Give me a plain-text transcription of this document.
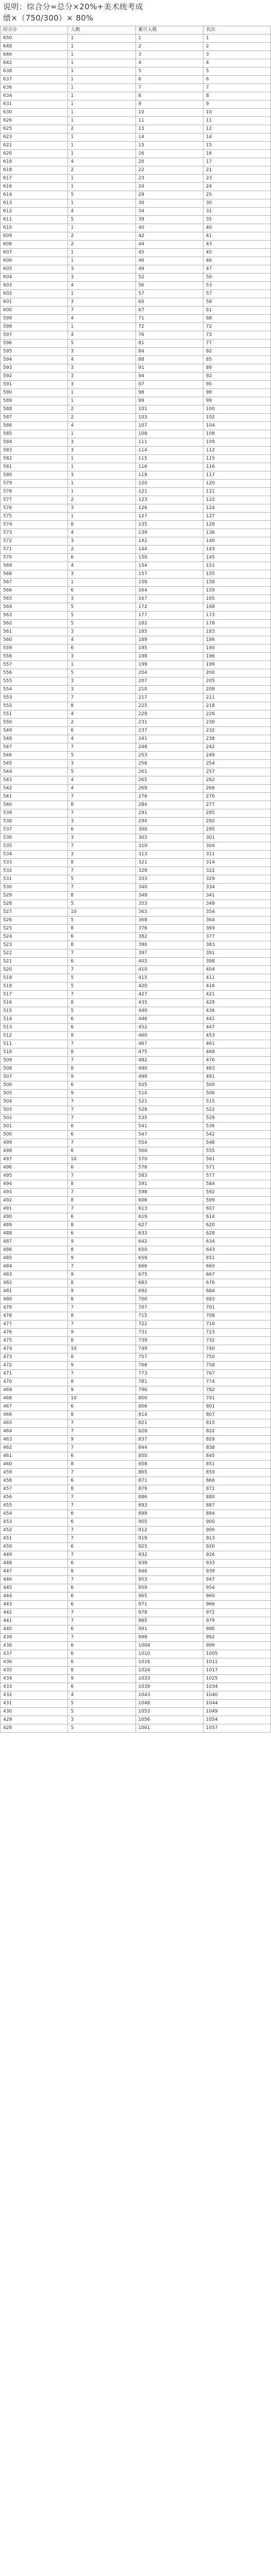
说明：综合分=总分×20%+美术统考成
绩×（750/300）× 80%
综合分	人数	累计人数	名次
650	1	1	1
648	1	2	2
646	1	3	3
642	1	4	4
638	1	5	5
637	1	6	6
636	1	7	7
634	1	8	8
631	1	9	9
630	1	10	10
626	1	11	11
625	2	13	12
623	1	14	14
621	1	15	15
620	1	16	16
619	4	20	17
618	2	22	21
617	1	23	23
616	1	24	24
614	5	29	25
613	1	30	30
612	4	34	31
611	5	39	35
610	1	40	40
609	2	42	41
608	2	44	43
607	1	45	45
606	1	46	46
605	3	49	47
604	3	52	50
603	4	56	53
602	1	57	57
601	3	60	58
600	7	67	61
599	4	71	68
598	1	72	72
597	4	76	73
596	5	81	77
595	3	84	82
594	4	88	85
593	3	91	89
592	3	94	92
591	3	97	95
590	1	98	98
589	1	99	99
588	2	101	100
587	2	103	102
586	4	107	104
585	1	108	108
584	3	111	109
583	3	114	112
582	1	115	115
581	1	116	116
580	3	119	117
579	1	120	120
578	1	121	121
577	2	123	122
576	3	126	124
575	1	127	127
574	8	135	128
573	4	139	136
572	3	142	140
571	2	144	143
570	6	150	145
569	4	154	151
568	3	157	155
567	1	158	158
566	6	164	159
565	3	167	165
564	5	172	168
563	5	177	173
562	5	182	178
561	3	185	183
560	4	189	186
559	6	195	190
558	3	198	196
557	1	199	199
556	5	204	200
555	3	207	205
554	3	210	208
553	7	217	211
552	8	225	218
551	4	229	226
550	2	231	230
549	6	237	232
548	4	241	238
547	7	248	242
546	5	253	249
545	3	256	254
544	5	261	257
543	4	265	262
542	4	269	266
541	7	276	270
540	8	284	277
539	7	291	285
538	3	294	292
537	6	300	295
536	3	303	301
535	7	310	304
534	3	313	311
533	8	321	314
532	7	328	322
531	5	333	329
530	7	340	334
529	8	348	341
528	5	353	349
527	10	363	354
526	5	368	364
525	8	376	369
524	6	382	377
523	8	390	383
522	7	397	391
521	6	403	398
520	7	410	404
519	5	415	411
518	5	420	416
517	7	427	421
516	8	435	428
515	5	440	436
514	6	446	441
513	6	452	447
512	8	460	453
511	7	467	461
510	8	475	468
509	7	482	476
508	8	490	483
507	9	499	491
506	6	505	500
505	9	514	506
504	7	521	515
503	7	528	522
502	7	535	529
501	6	541	536
500	6	547	542
499	7	554	548
498	6	560	555
497	10	570	561
496	6	576	571
495	7	583	577
494	8	591	584
493	7	598	592
492	8	606	599
491	7	613	607
490	6	619	614
489	8	627	620
488	6	633	628
487	9	642	634
486	8	650	643
485	9	659	651
484	7	666	660
483	9	675	667
482	8	683	676
481	9	692	684
480	8	700	693
479	7	707	701
478	8	715	708
477	7	722	716
476	9	731	723
475	8	739	732
474	10	749	740
473	8	757	750
472	9	766	758
471	7	773	767
470	8	781	774
469	9	790	782
468	10	800	791
467	6	806	801
466	8	814	807
465	7	821	815
464	7	828	822
463	9	837	829
462	7	844	838
461	6	850	845
460	8	858	851
459	7	865	859
458	6	871	866
457	8	879	872
456	7	886	880
455	7	893	887
454	6	899	894
453	6	905	900
452	7	912	906
451	7	919	913
450	6	925	920
449	7	932	926
448	6	938	933
447	8	946	939
446	7	953	947
445	6	959	954
444	6	965	960
443	6	971	966
442	7	978	972
441	7	985	979
440	6	991	986
439	7	998	992
438	6	1004	999
437	6	1010	1005
436	6	1016	1011
435	8	1024	1017
434	9	1033	1025
433	6	1039	1034
432	4	1043	1040
431	5	1048	1044
430	5	1053	1049
429	3	1056	1054
428	5	1061	1057
